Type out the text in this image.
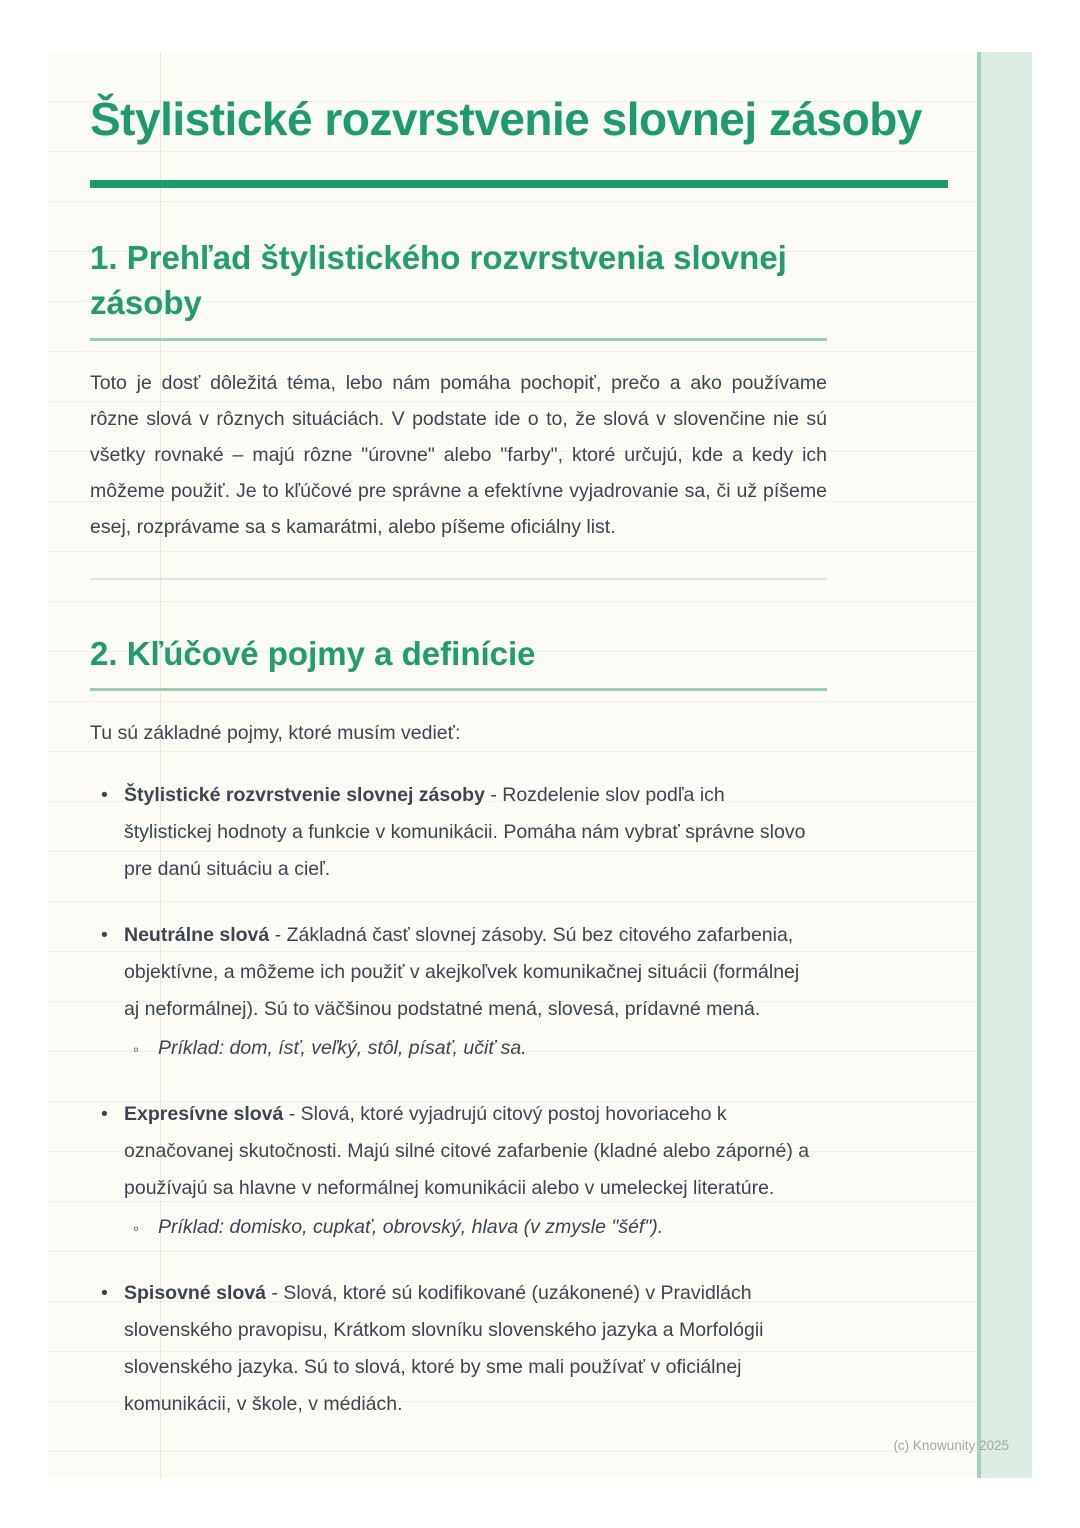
Štylistické rozvrstvenie slovnej zásoby
1. Prehľad štylistického rozvrstvenia slovnej zásoby

Toto je dosť dôležitá téma, lebo nám pomáha pochopiť, prečo a ako používame rôzne slová v rôznych situáciách. V podstate ide o to, že slová v slovenčine nie sú všetky rovnaké – majú rôzne "úrovne" alebo "farby", ktoré určujú, kde a kedy ich môžeme použiť. Je to kľúčové pre správne a efektívne vyjadrovanie sa, či už píšeme esej, rozprávame sa s kamarátmi, alebo píšeme oficiálny list.

2. Kľúčové pojmy a definície

Tu sú základné pojmy, ktoré musím vedieť:

• Štylistické rozvrstvenie slovnej zásoby - Rozdelenie slov podľa ich štylistickej hodnoty a funkcie v komunikácii. Pomáha nám vybrať správne slovo pre danú situáciu a cieľ.
• Neutrálne slová - Základná časť slovnej zásoby. Sú bez citového zafarbenia, objektívne, a môžeme ich použiť v akejkoľvek komunikačnej situácii (formálnej aj neformálnej). Sú to väčšinou podstatné mená, slovesá, prídavné mená.
◦ Príklad: dom, ísť, veľký, stôl, písať, učiť sa.
• Expresívne slová - Slová, ktoré vyjadrujú citový postoj hovoriaceho k označovanej skutočnosti. Majú silné citové zafarbenie (kladné alebo záporné) a používajú sa hlavne v neformálnej komunikácii alebo v umeleckej literatúre.
◦ Príklad: domisko, cupkať, obrovský, hlava (v zmysle "šéf").
• Spisovné slová - Slová, ktoré sú kodifikované (uzákonené) v Pravidlách slovenského pravopisu, Krátkom slovníku slovenského jazyka a Morfológii slovenského jazyka. Sú to slová, ktoré by sme mali používať v oficiálnej komunikácii, v škole, v médiách.
(c) Knowunity 2025
